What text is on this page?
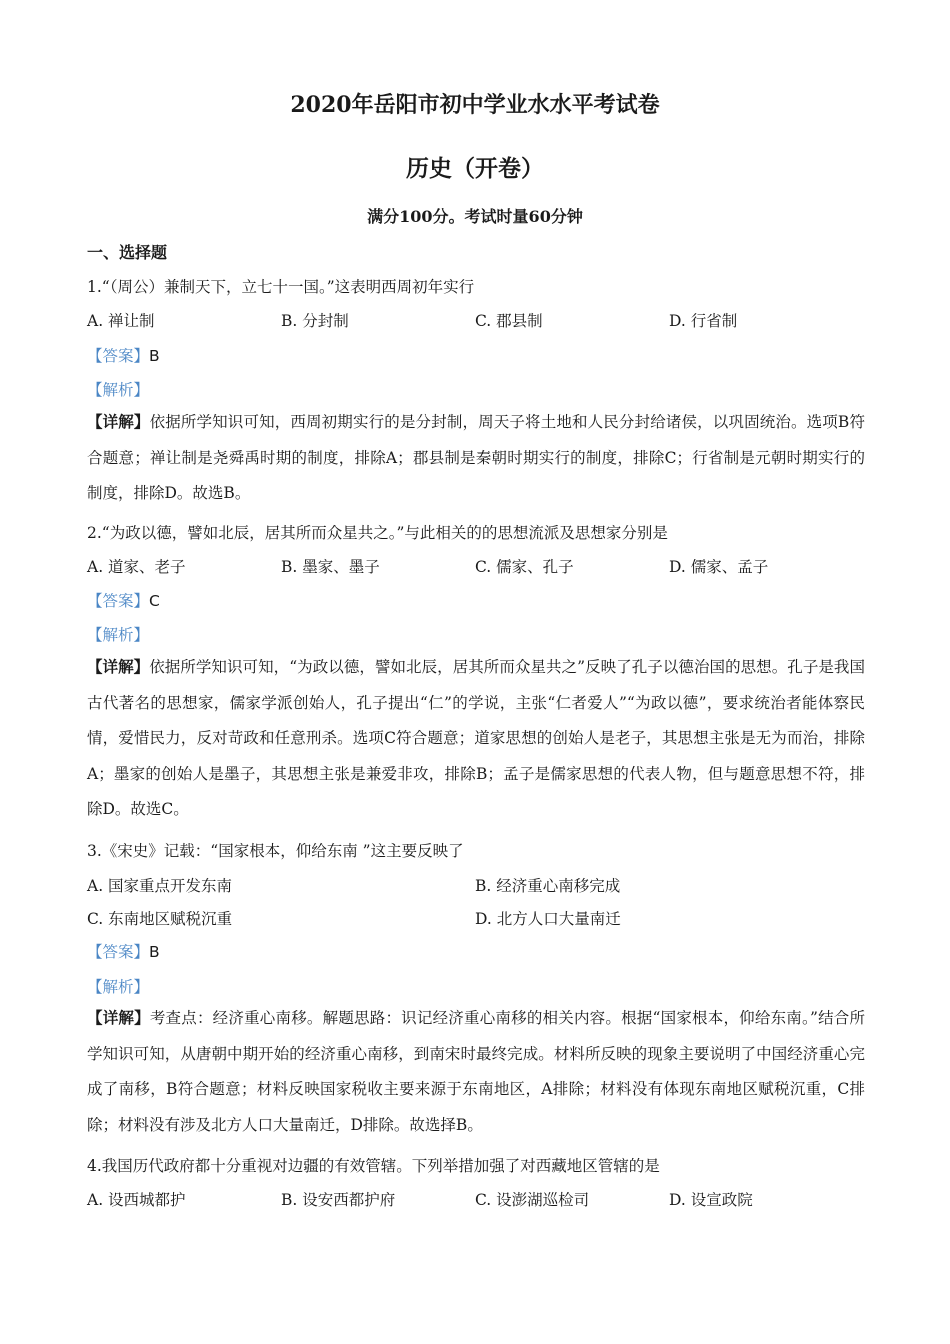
2020年岳阳市初中学业水水平考试卷
历史（开卷）
满分100分。考试时量60分钟
一、选择题
1.“（周公）兼制天下，立七十一国。”这表明西周初年实行
A. 禅让制	B. 分封制	C. 郡县制	D. 行省制
【答案】B
【解析】
【详解】依据所学知识可知，西周初期实行的是分封制，周天子将土地和人民分封给诸侯，以巩固统治。选项B符合题意；禅让制是尧舜禹时期的制度，排除A；郡县制是秦朝时期实行的制度，排除C；行省制是元朝时期实行的制度，排除D。故选B。
2.“为政以德，譬如北辰，居其所而众星共之。”与此相关的的思想流派及思想家分别是
A. 道家、老子	B. 墨家、墨子	C. 儒家、孔子	D. 儒家、孟子
【答案】C
【解析】
【详解】依据所学知识可知，“为政以德，譬如北辰，居其所而众星共之”反映了孔子以德治国的思想。孔子是我国古代著名的思想家，儒家学派创始人，孔子提出“仁”的学说，主张“仁者爱人”“为政以德”，要求统治者能体察民情，爱惜民力，反对苛政和任意刑杀。选项C符合题意；道家思想的创始人是老子，其思想主张是无为而治，排除A；墨家的创始人是墨子，其思想主张是兼爱非攻，排除B；孟子是儒家思想的代表人物，但与题意思想不符，排除D。故选C。
3.《宋史》记载：“国家根本，仰给东南 ”这主要反映了
A. 国家重点开发东南	B. 经济重心南移完成
C. 东南地区赋税沉重	D. 北方人口大量南迁
【答案】B
【解析】
【详解】考查点：经济重心南移。解题思路：识记经济重心南移的相关内容。根据“国家根本，仰给东南。”结合所学知识可知，从唐朝中期开始的经济重心南移，到南宋时最终完成。材料所反映的现象主要说明了中国经济重心完成了南移，B符合题意；材料反映国家税收主要来源于东南地区，A排除；材料没有体现东南地区赋税沉重，C排除；材料没有涉及北方人口大量南迁，D排除。故选择B。
4.我国历代政府都十分重视对边疆的有效管辖。下列举措加强了对西藏地区管辖的是
A. 设西城都护	B. 设安西都护府	C. 设澎湖巡检司	D. 设宣政院
